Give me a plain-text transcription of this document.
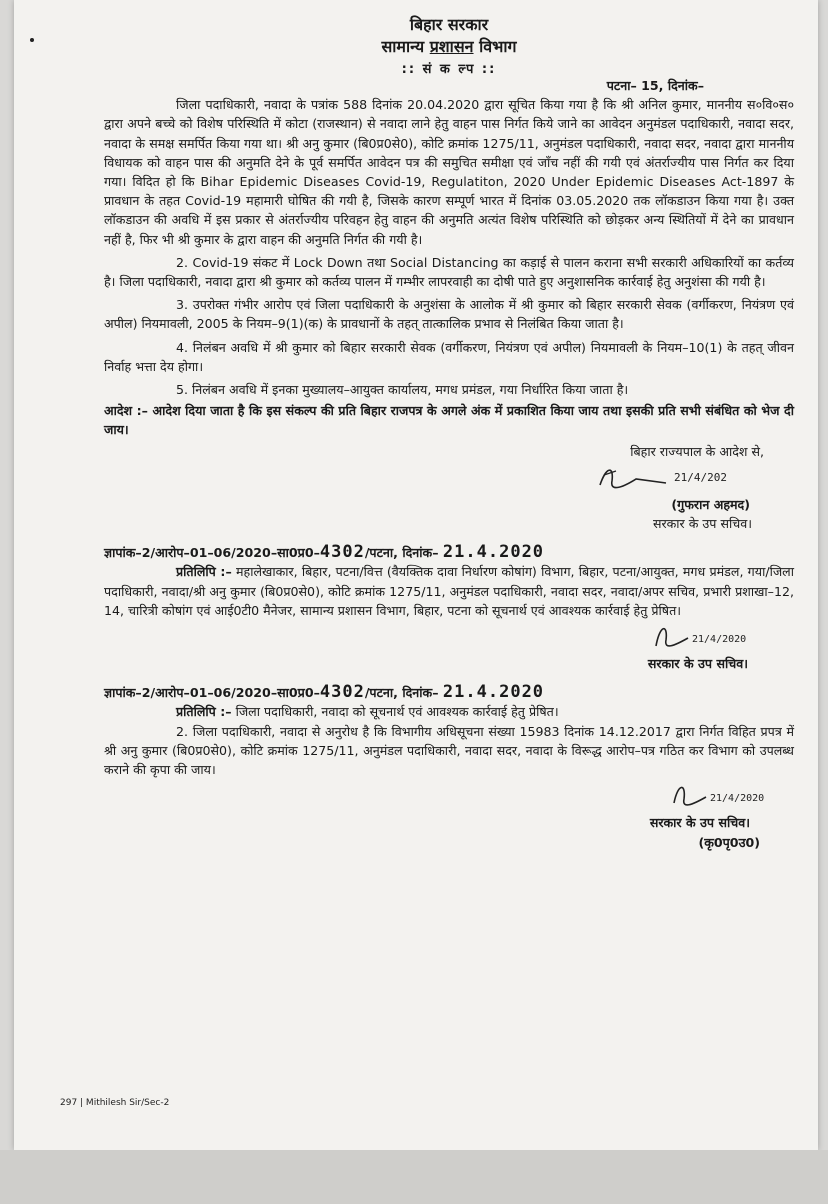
बिहार सरकार
सामान्य प्रशासन विभाग
:: सं क ल्प ::
पटना– 15, दिनांक–

जिला पदाधिकारी, नवादा के पत्रांक 588 दिनांक 20.04.2020 द्वारा सूचित किया गया है कि श्री अनिल कुमार, माननीय स०वि०स० द्वारा अपने बच्चे को विशेष परिस्थिति में कोटा (राजस्थान) से नवादा लाने हेतु वाहन पास निर्गत किये जाने का आवेदन अनुमंडल पदाधिकारी, नवादा सदर, नवादा के समक्ष समर्पित किया गया था। श्री अनु कुमार (बि0प्र0से0), कोटि क्रमांक 1275/11, अनुमंडल पदाधिकारी, नवादा सदर, नवादा द्वारा माननीय विधायक को वाहन पास की अनुमति देने के पूर्व समर्पित आवेदन पत्र की समुचित समीक्षा एवं जाँच नहीं की गयी एवं अंतर्राज्यीय पास निर्गत कर दिया गया। विदित हो कि Bihar Epidemic Diseases Covid-19, Regulatiton, 2020 Under Epidemic Diseases Act-1897 के प्रावधान के तहत Covid-19 महामारी घोषित की गयी है, जिसके कारण सम्पूर्ण भारत में दिनांक 03.05.2020 तक लॉकडाउन किया गया है। उक्त लॉकडाउन की अवधि में इस प्रकार से अंतर्राज्यीय परिवहन हेतु वाहन की अनुमति अत्यंत विशेष परिस्थिति को छोड़कर अन्य स्थितियों में देने का प्रावधान नहीं है, फिर भी श्री कुमार के द्वारा वाहन की अनुमति निर्गत की गयी है।

2. Covid-19 संकट में Lock Down तथा Social Distancing का कड़ाई से पालन कराना सभी सरकारी अधिकारियों का कर्तव्य है। जिला पदाधिकारी, नवादा द्वारा श्री कुमार को कर्तव्य पालन में गम्भीर लापरवाही का दोषी पाते हुए अनुशासनिक कार्रवाई हेतु अनुशंसा की गयी है।

3. उपरोक्त गंभीर आरोप एवं जिला पदाधिकारी के अनुशंसा के आलोक में श्री कुमार को बिहार सरकारी सेवक (वर्गीकरण, नियंत्रण एवं अपील) नियमावली, 2005 के नियम–9(1)(क) के प्रावधानों के तहत् तात्कालिक प्रभाव से निलंबित किया जाता है।

4. निलंबन अवधि में श्री कुमार को बिहार सरकारी सेवक (वर्गीकरण, नियंत्रण एवं अपील) नियमावली के नियम–10(1) के तहत् जीवन निर्वाह भत्ता देय होगा।

5. निलंबन अवधि में इनका मुख्यालय–आयुक्त कार्यालय, मगध प्रमंडल, गया निर्धारित किया जाता है।

आदेश :– आदेश दिया जाता है कि इस संकल्प की प्रति बिहार राजपत्र के अगले अंक में प्रकाशित किया जाय तथा इसकी प्रति सभी संबंधित को भेज दी जाय।

बिहार राज्यपाल के आदेश से,
21/4/202
(गुफरान अहमद)
सरकार के उप सचिव।
ज्ञापांक–2/आरोप–01–06/2020–सा0प्र0–4302/पटना, दिनांक– 21.4.2020

प्रतिलिपि :– महालेखाकार, बिहार, पटना/वित्त (वैयक्तिक दावा निर्धारण कोषांग) विभाग, बिहार, पटना/आयुक्त, मगध प्रमंडल, गया/जिला पदाधिकारी, नवादा/श्री अनु कुमार (बि0प्र0से0), कोटि क्रमांक 1275/11, अनुमंडल पदाधिकारी, नवादा सदर, नवादा/अपर सचिव, प्रभारी प्रशाखा–12, 14, चारित्री कोषांग एवं आई0टी0 मैनेजर, सामान्य प्रशासन विभाग, बिहार, पटना को सूचनार्थ एवं आवश्यक कार्रवाई हेतु प्रेषित।

21/4/2020
सरकार के उप सचिव।
ज्ञापांक–2/आरोप–01–06/2020–सा0प्र0–4302/पटना, दिनांक– 21.4.2020

प्रतिलिपि :– जिला पदाधिकारी, नवादा को सूचनार्थ एवं आवश्यक कार्रवाई हेतु प्रेषित।

2. जिला पदाधिकारी, नवादा से अनुरोध है कि विभागीय अधिसूचना संख्या 15983 दिनांक 14.12.2017 द्वारा निर्गत विहित प्रपत्र में श्री अनु कुमार (बि0प्र0से0), कोटि क्रमांक 1275/11, अनुमंडल पदाधिकारी, नवादा सदर, नवादा के विरूद्ध आरोप–पत्र गठित कर विभाग को उपलब्ध कराने की कृपा की जाय।

21/4/2020
सरकार के उप सचिव।
(कृ0पृ0उ0)
297 | Mithilesh Sir/Sec-2
